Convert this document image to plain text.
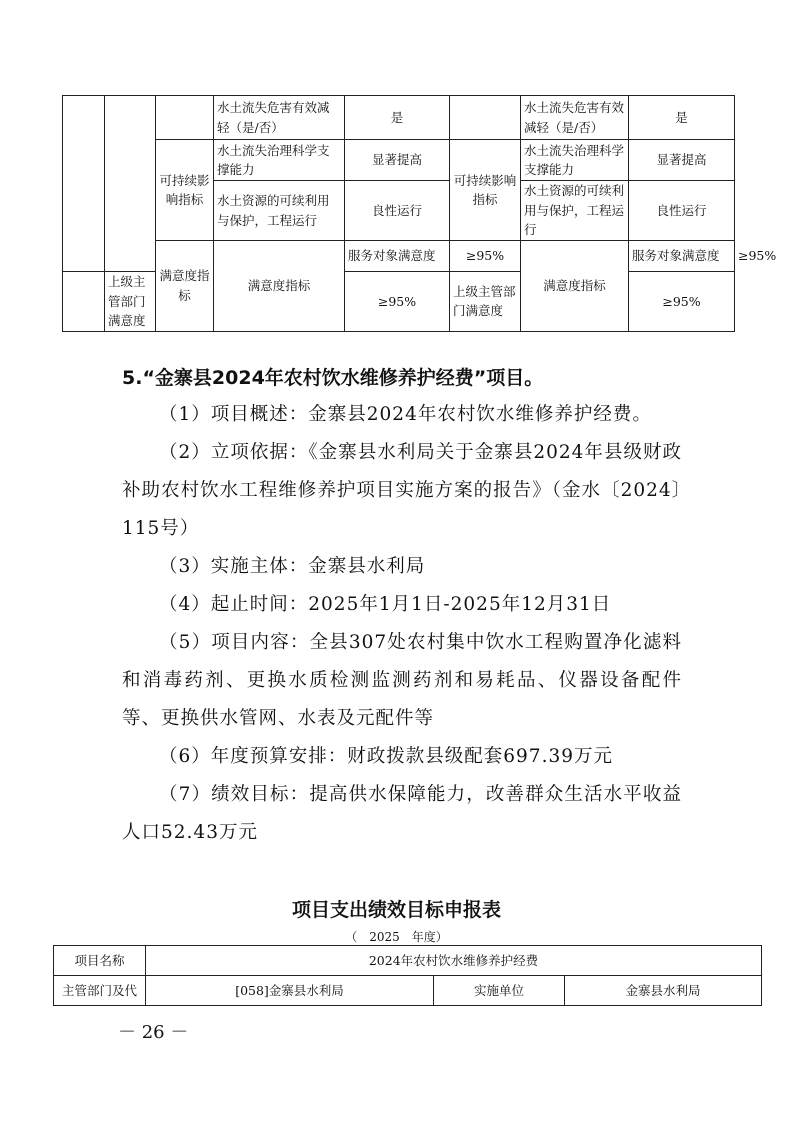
			水土流失危害有效减轻（是/否）	是		水土流失危害有效减轻（是/否）	是	
		可持续影响指标	水土流失治理科学支撑能力	显著提高	可持续影响指标	水土流失治理科学支撑能力	显著提高	
			水土资源的可续利用与保护，工程运行	良性运行		水土资源的可续利用与保护，工程运行	良性运行	
		满意度指标	满意度指标	服务对象满意度	≥95%	满意度指标	服务对象满意度	≥95%
	上级主管部门满意度			≥95%	上级主管部门满意度		≥95%	
5.“金寨县2024年农村饮水维修养护经费”项目。

（1）项目概述：金寨县2024年农村饮水维修养护经费。

（2）立项依据：《金寨县水利局关于金寨县2024年县级财政补助农村饮水工程维修养护项目实施方案的报告》（金水〔2024〕115号）

（3）实施主体：金寨县水利局

（4）起止时间：2025年1月1日-2025年12月31日

（5）项目内容：全县307处农村集中饮水工程购置净化滤料和消毒药剂、更换水质检测监测药剂和易耗品、仪器设备配件等、更换供水管网、水表及元配件等

（6）年度预算安排：财政拨款县级配套697.39万元

（7）绩效目标：提高供水保障能力，改善群众生活水平收益人口52.43万元

项目支出绩效目标申报表
（　2025　年度）
项目名称	2024年农村饮水维修养护经费		
主管部门及代	[058]金寨县水利局	实施单位	金寨县水利局
－ 26 －
